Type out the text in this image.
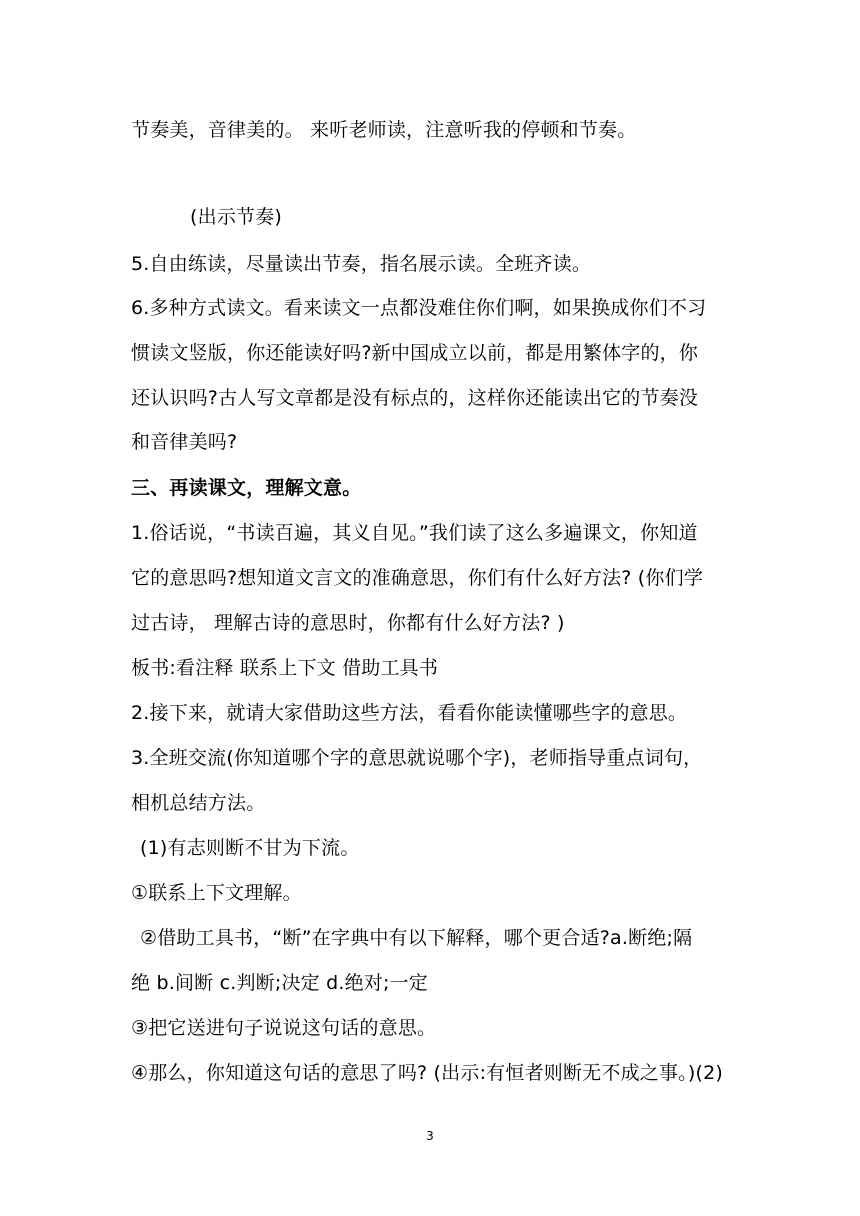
节奏美，音律美的。 来听老师读，注意听我的停顿和节奏。
(出示节奏)
5.自由练读，尽量读出节奏，指名展示读。全班齐读。
6.多种方式读文。看来读文一点都没难住你们啊，如果换成你们不习
惯读文竖版，你还能读好吗?新中国成立以前，都是用繁体字的，你
还认识吗?古人写文章都是没有标点的，这样你还能读出它的节奏没
和音律美吗?
三、再读课文，理解文意。
1.俗话说，“书读百遍，其义自见。”我们读了这么多遍课文，你知道
它的意思吗?想知道文言文的准确意思，你们有什么好方法? (你们学
过古诗， 理解古诗的意思时，你都有什么好方法? )
板书:看注释 联系上下文 借助工具书
2.接下来，就请大家借助这些方法，看看你能读懂哪些字的意思。
3.全班交流(你知道哪个字的意思就说哪个字)，老师指导重点词句，
相机总结方法。
(1)有志则断不甘为下流。
①联系上下文理解。
②借助工具书，“断”在字典中有以下解释，哪个更合适?a.断绝;隔
绝 b.间断 c.判断;决定 d.绝对;一定
③把它送进句子说说这句话的意思。
④那么，你知道这句话的意思了吗? (出示:有恒者则断无不成之事。)(2)
3
